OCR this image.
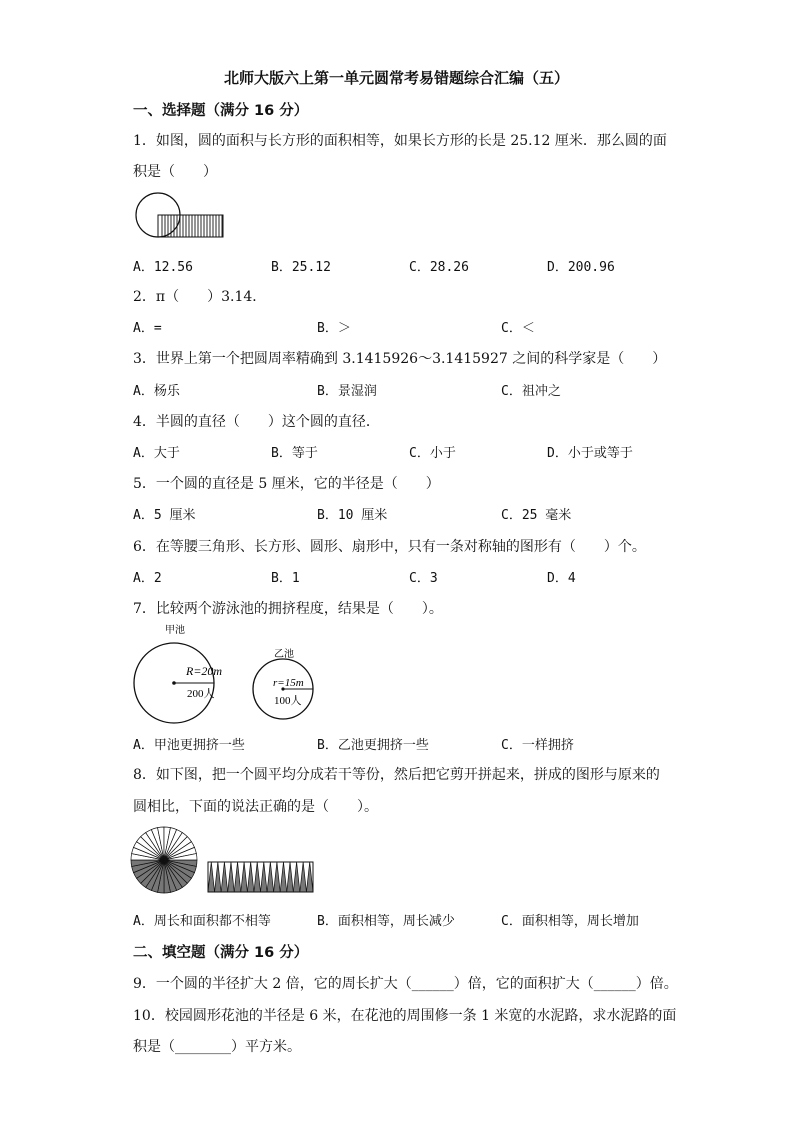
北师大版六上第一单元圆常考易错题综合汇编（五）
一、选择题（满分 16 分）
1．如图，圆的面积与长方形的面积相等，如果长方形的长是 25.12 厘米．那么圆的面
积是（　　）
A．12.56	B．25.12	C．28.26	D．200.96
2．π（　　）3.14．
A．=	B．＞	C．＜
3．世界上第一个把圆周率精确到 3.1415926～3.1415927 之间的科学家是（　　）
A．杨乐	B．景湿润	C．祖冲之
4．半圆的直径（　　）这个圆的直径．
A．大于	B．等于	C．小于	D．小于或等于
5．一个圆的直径是 5 厘米，它的半径是（　　）
A．5 厘米	B．10 厘米	C．25 毫米
6．在等腰三角形、长方形、圆形、扇形中，只有一条对称轴的图形有（　　）个。
A．2	B．1	C．3	D．4
7．比较两个游泳池的拥挤程度，结果是（　　）。
甲池
R=20m
200人
乙池
r=15m
100人
A．甲池更拥挤一些	B．乙池更拥挤一些	C．一样拥挤
8．如下图，把一个圆平均分成若干等份，然后把它剪开拼起来，拼成的图形与原来的
圆相比，下面的说法正确的是（　　）。
A．周长和面积都不相等	B．面积相等，周长减少	C．面积相等，周长增加
二、填空题（满分 16 分）
9．一个圆的半径扩大 2 倍，它的周长扩大（______）倍，它的面积扩大（______）倍。
10．校园圆形花池的半径是 6 米，在花池的周围修一条 1 米宽的水泥路，求水泥路的面
积是（________）平方米。
